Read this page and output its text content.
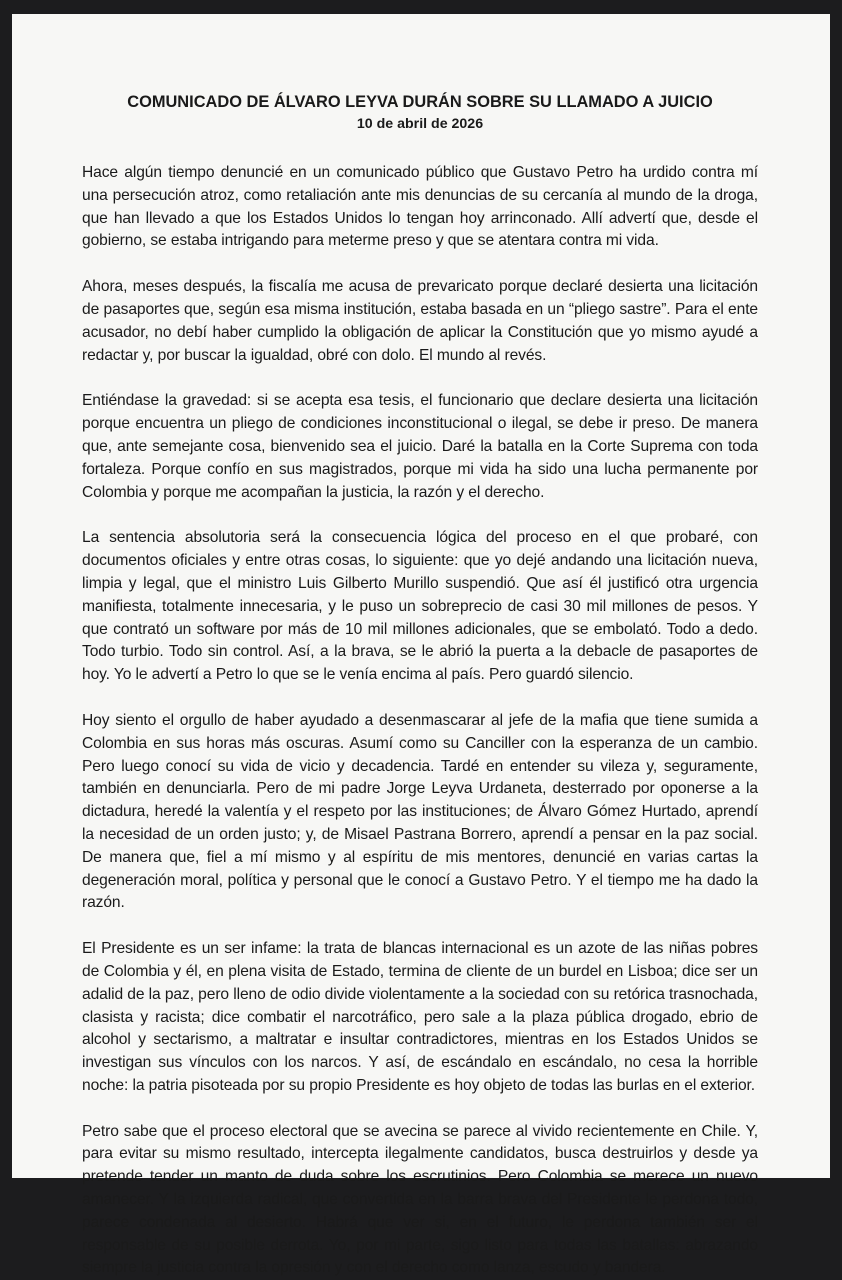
COMUNICADO DE ÁLVARO LEYVA DURÁN SOBRE SU LLAMADO A JUICIO
10 de abril de 2026

Hace algún tiempo denuncié en un comunicado público que Gustavo Petro ha urdido contra mí una persecución atroz, como retaliación ante mis denuncias de su cercanía al mundo de la droga, que han llevado a que los Estados Unidos lo tengan hoy arrinconado. Allí advertí que, desde el gobierno, se estaba intrigando para meterme preso y que se atentara contra mi vida.

Ahora, meses después, la fiscalía me acusa de prevaricato porque declaré desierta una licitación de pasaportes que, según esa misma institución, estaba basada en un “pliego sastre”. Para el ente acusador, no debí haber cumplido la obligación de aplicar la Constitución que yo mismo ayudé a redactar y, por buscar la igualdad, obré con dolo. El mundo al revés.

Entiéndase la gravedad: si se acepta esa tesis, el funcionario que declare desierta una licitación porque encuentra un pliego de condiciones inconstitucional o ilegal, se debe ir preso. De manera que, ante semejante cosa, bienvenido sea el juicio. Daré la batalla en la Corte Suprema con toda fortaleza. Porque confío en sus magistrados, porque mi vida ha sido una lucha permanente por Colombia y porque me acompañan la justicia, la razón y el derecho.

La sentencia absolutoria será la consecuencia lógica del proceso en el que probaré, con documentos oficiales y entre otras cosas, lo siguiente: que yo dejé andando una licitación nueva, limpia y legal, que el ministro Luis Gilberto Murillo suspendió. Que así él justificó otra urgencia manifiesta, totalmente innecesaria, y le puso un sobreprecio de casi 30 mil millones de pesos. Y que contrató un software por más de 10 mil millones adicionales, que se embolató. Todo a dedo. Todo turbio. Todo sin control. Así, a la brava, se le abrió la puerta a la debacle de pasaportes de hoy. Yo le advertí a Petro lo que se le venía encima al país. Pero guardó silencio.

Hoy siento el orgullo de haber ayudado a desenmascarar al jefe de la mafia que tiene sumida a Colombia en sus horas más oscuras. Asumí como su Canciller con la esperanza de un cambio. Pero luego conocí su vida de vicio y decadencia. Tardé en entender su vileza y, seguramente, también en denunciarla. Pero de mi padre Jorge Leyva Urdaneta, desterrado por oponerse a la dictadura, heredé la valentía y el respeto por las instituciones; de Álvaro Gómez Hurtado, aprendí la necesidad de un orden justo; y, de Misael Pastrana Borrero, aprendí a pensar en la paz social. De manera que, fiel a mí mismo y al espíritu de mis mentores, denuncié en varias cartas la degeneración moral, política y personal que le conocí a Gustavo Petro. Y el tiempo me ha dado la razón.

El Presidente es un ser infame: la trata de blancas internacional es un azote de las niñas pobres de Colombia y él, en plena visita de Estado, termina de cliente de un burdel en Lisboa; dice ser un adalid de la paz, pero lleno de odio divide violentamente a la sociedad con su retórica trasnochada, clasista y racista; dice combatir el narcotráfico, pero sale a la plaza pública drogado, ebrio de alcohol y sectarismo, a maltratar e insultar contradictores, mientras en los Estados Unidos se investigan sus vínculos con los narcos. Y así, de escándalo en escándalo, no cesa la horrible noche: la patria pisoteada por su propio Presidente es hoy objeto de todas las burlas en el exterior.

Petro sabe que el proceso electoral que se avecina se parece al vivido recientemente en Chile. Y, para evitar su mismo resultado, intercepta ilegalmente candidatos, busca destruirlos y desde ya pretende tender un manto de duda sobre los escrutinios. Pero Colombia se merece un nuevo amanecer. Y la izquierda radical, que convertida en la barra brava del Presidente le perdona todo, parece condenada al desierto. Habrá que ver si, en el futuro, le perdona también ser el responsable de su posible derrota. Yo, por mi parte, sigo listo para todas las batallas: abrazando siempre la justicia contra la opresión y con el derecho como lanza, escudo y bandera.
